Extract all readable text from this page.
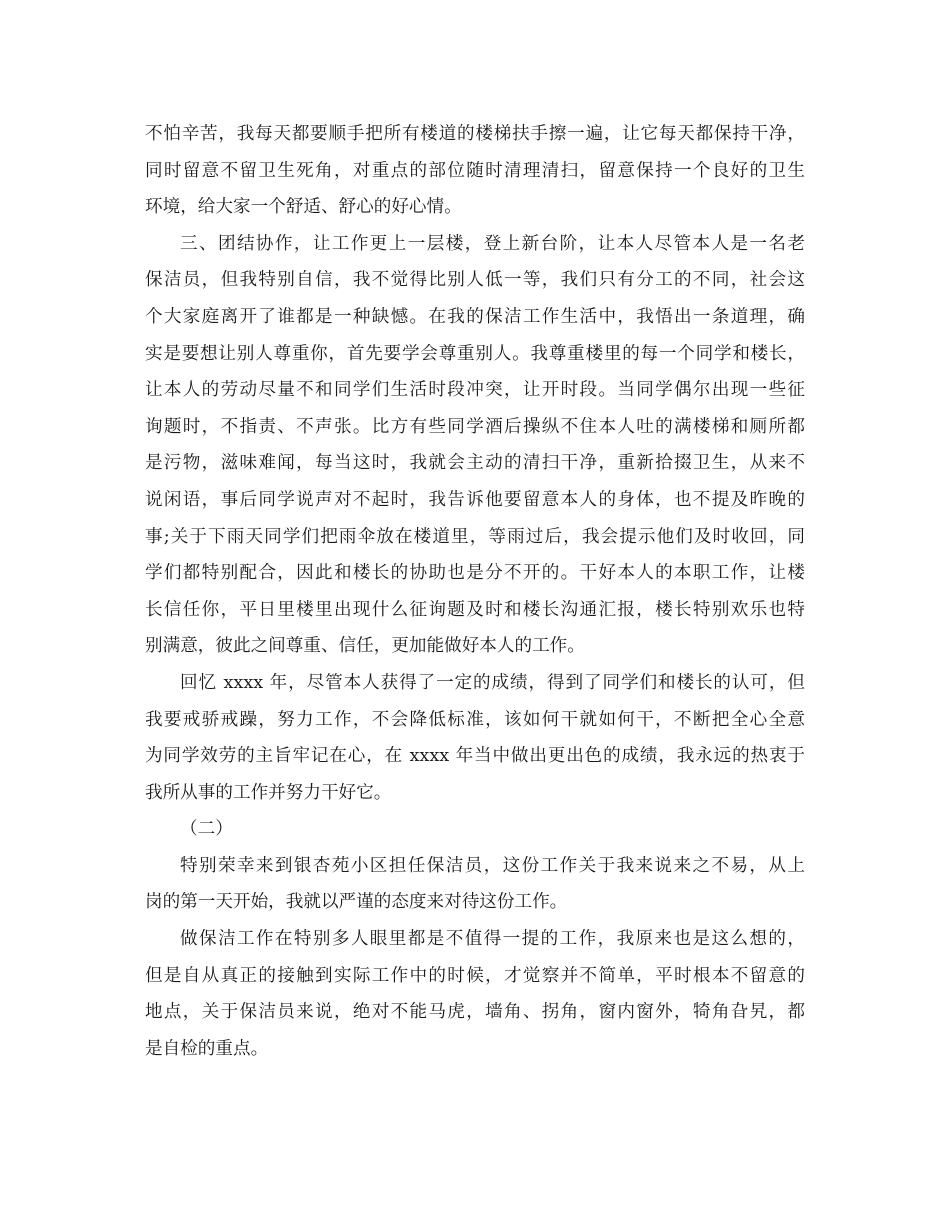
不怕辛苦，我每天都要顺手把所有楼道的楼梯扶手擦一遍，让它每天都保持干净，
同时留意不留卫生死角，对重点的部位随时清理清扫，留意保持一个良好的卫生
环境，给大家一个舒适、舒心的好心情。
三、团结协作，让工作更上一层楼，登上新台阶，让本人尽管本人是一名老
保洁员，但我特别自信，我不觉得比别人低一等，我们只有分工的不同，社会这
个大家庭离开了谁都是一种缺憾。在我的保洁工作生活中，我悟出一条道理，确
实是要想让别人尊重你，首先要学会尊重别人。我尊重楼里的每一个同学和楼长，
让本人的劳动尽量不和同学们生活时段冲突，让开时段。当同学偶尔出现一些征
询题时，不指责、不声张。比方有些同学酒后操纵不住本人吐的满楼梯和厕所都
是污物，滋味难闻，每当这时，我就会主动的清扫干净，重新拾掇卫生，从来不
说闲语，事后同学说声对不起时，我告诉他要留意本人的身体，也不提及昨晚的
事;关于下雨天同学们把雨伞放在楼道里，等雨过后，我会提示他们及时收回，同
学们都特别配合，因此和楼长的协助也是分不开的。干好本人的本职工作，让楼
长信任你，平日里楼里出现什么征询题及时和楼长沟通汇报，楼长特别欢乐也特
别满意，彼此之间尊重、信任，更加能做好本人的工作。
回忆 xxxx 年，尽管本人获得了一定的成绩，得到了同学们和楼长的认可，但
我要戒骄戒躁，努力工作，不会降低标准，该如何干就如何干，不断把全心全意
为同学效劳的主旨牢记在心，在 xxxx 年当中做出更出色的成绩，我永远的热衷于
我所从事的工作并努力干好它。
（二）
特别荣幸来到银杏苑小区担任保洁员，这份工作关于我来说来之不易，从上
岗的第一天开始，我就以严谨的态度来对待这份工作。
做保洁工作在特别多人眼里都是不值得一提的工作，我原来也是这么想的，
但是自从真正的接触到实际工作中的时候，才觉察并不简单，平时根本不留意的
地点，关于保洁员来说，绝对不能马虎，墙角、拐角，窗内窗外，犄角旮旯，都
是自检的重点。
